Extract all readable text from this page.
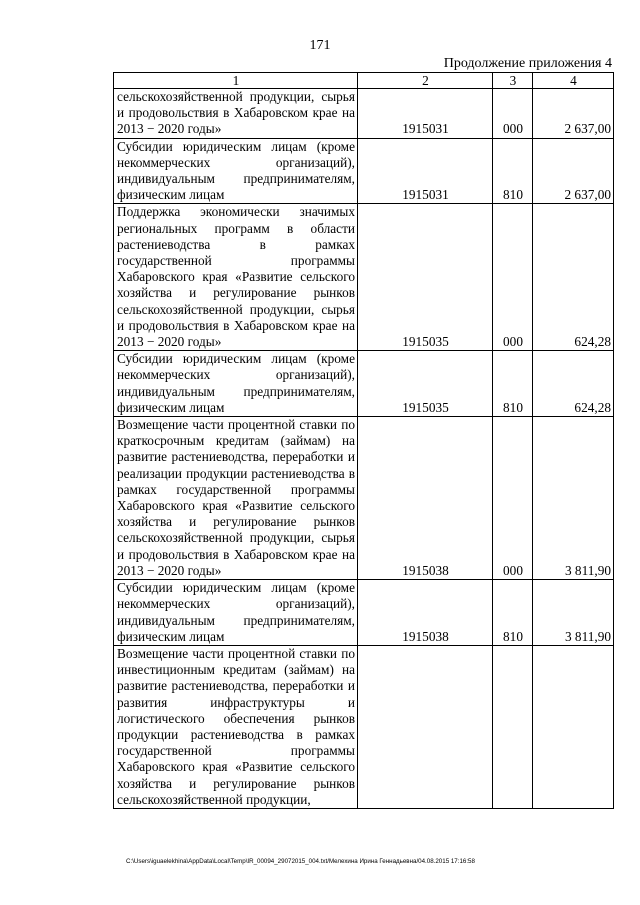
171
Продолжение приложения 4
1	2	3	4
сельскохозяйственной продукции, сырья и продовольствия в Хабаровском крае на 2013 − 2020 годы»	1915031	000	2 637,00
Субсидии юридическим лицам (кроме некоммерческих организаций), индивидуальным предпринимателям, физическим лицам	1915031	810	2 637,00
Поддержка экономически значимых региональных программ в области растениеводства в рамках государственной программы Хабаровского края «Развитие сельского хозяйства и регулирование рынков сельскохозяйственной продукции, сырья и продовольствия в Хабаровском крае на 2013 − 2020 годы»	1915035	000	624,28
Субсидии юридическим лицам (кроме некоммерческих организаций), индивидуальным предпринимателям, физическим лицам	1915035	810	624,28
Возмещение части процентной ставки по краткосрочным кредитам (займам) на развитие растениеводства, переработки и реализации продукции растениеводства в рамках государственной программы Хабаровского края «Развитие сельского хозяйства и регулирование рынков сельскохозяйственной продукции, сырья и продовольствия в Хабаровском крае на 2013 − 2020 годы»	1915038	000	3 811,90
Субсидии юридическим лицам (кроме некоммерческих организаций), индивидуальным предпринимателям, физическим лицам	1915038	810	3 811,90
Возмещение части процентной ставки по инвестиционным кредитам (займам) на развитие растениеводства, переработки и развития инфраструктуры и логистического обеспечения рынков продукции растениеводства в рамках государственной программы Хабаровского края «Развитие сельского хозяйства и регулирование рынков сельскохозяйственной продукции,			
C:\Users\iguaelekhina\AppData\Local\Temp\IR_00094_29072015_004.txt/Мелехина Ирина Геннадьевна/04.08.2015 17:16:58
